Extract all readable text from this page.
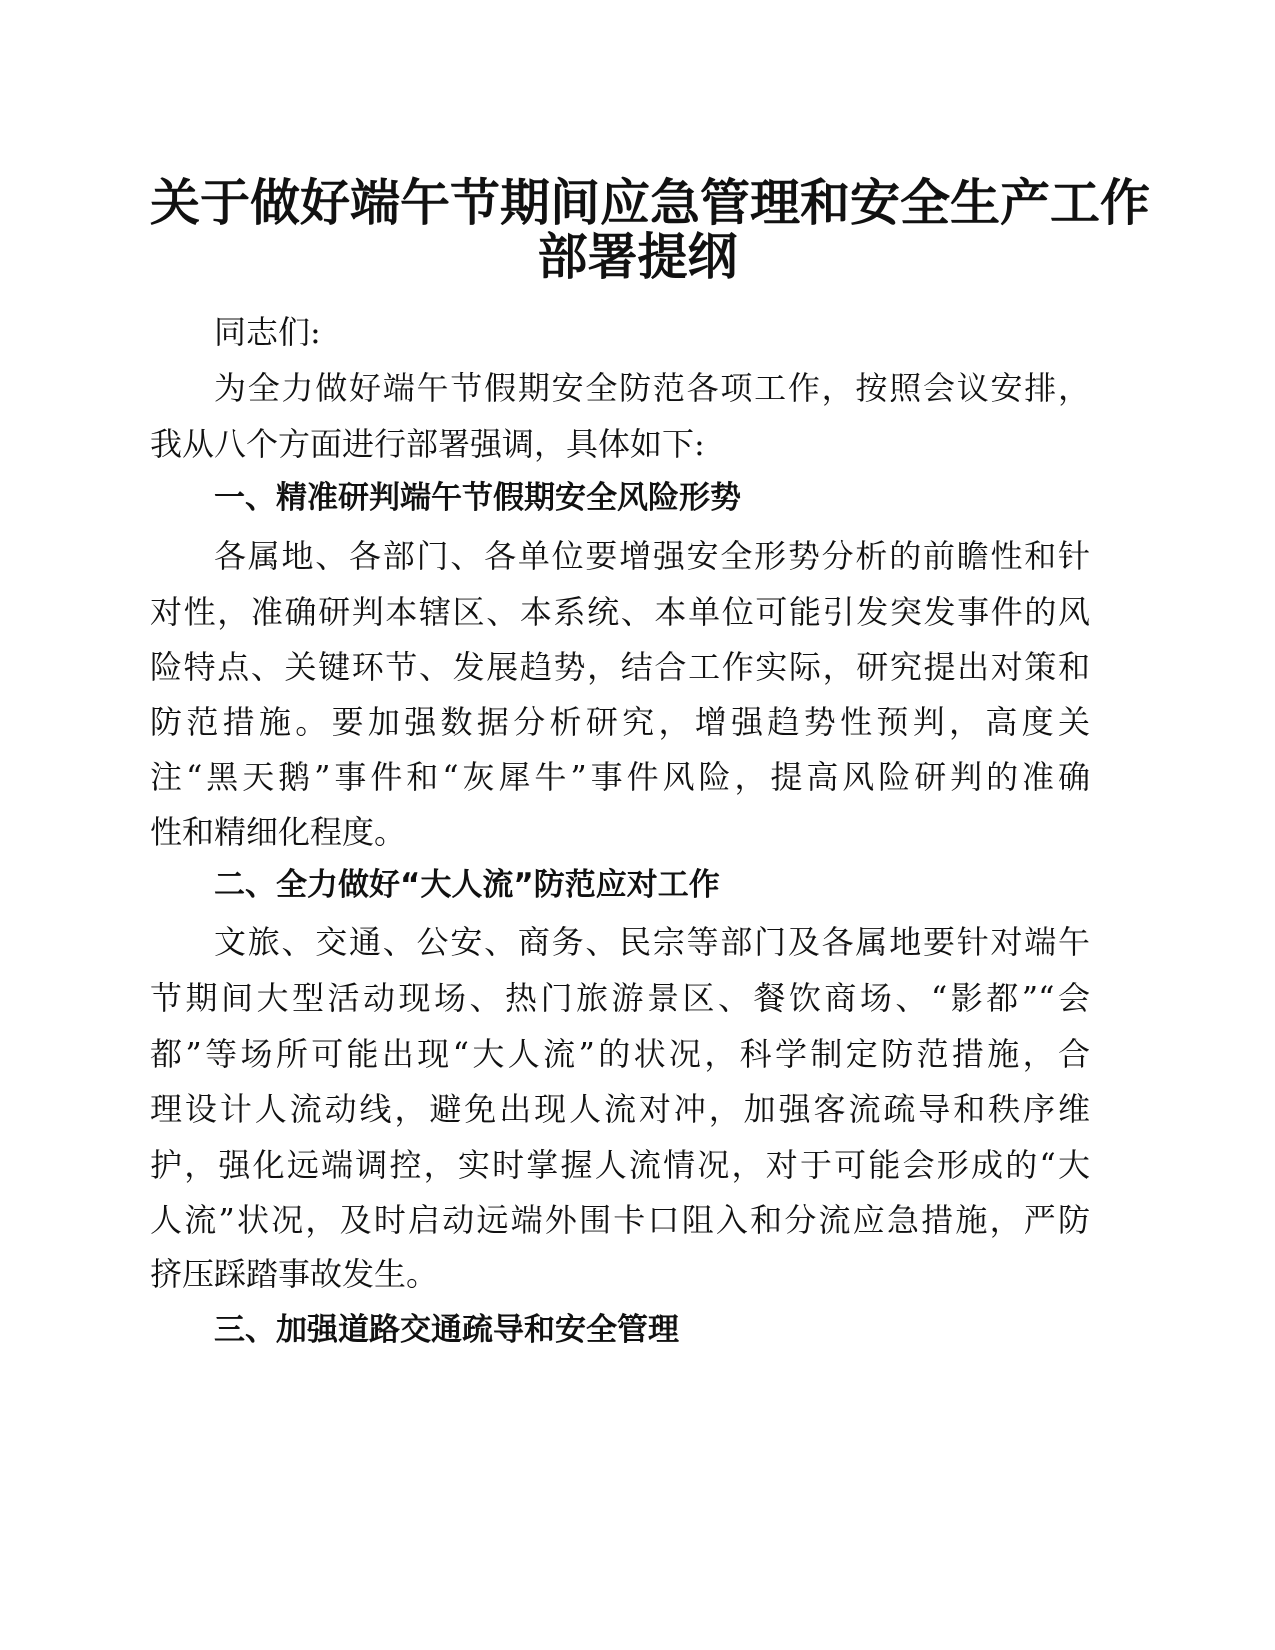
关于做好端午节期间应急管理和安全生产工作
部署提纲

同志们:

为全力做好端午节假期安全防范各项工作，按照会议安排，

我从八个方面进行部署强调，具体如下:

一、精准研判端午节假期安全风险形势

各属地、各部门、各单位要增强安全形势分析的前瞻性和针

对性，准确研判本辖区、本系统、本单位可能引发突发事件的风

险特点、关键环节、发展趋势，结合工作实际，研究提出对策和

防范措施。要加强数据分析研究，增强趋势性预判，高度关

注“黑天鹅”事件和“灰犀牛”事件风险，提高风险研判的准确

性和精细化程度。

二、全力做好“大人流”防范应对工作

文旅、交通、公安、商务、民宗等部门及各属地要针对端午

节期间大型活动现场、热门旅游景区、餐饮商场、“影都”“会

都”等场所可能出现“大人流”的状况，科学制定防范措施，合

理设计人流动线，避免出现人流对冲，加强客流疏导和秩序维

护，强化远端调控，实时掌握人流情况，对于可能会形成的“大

人流”状况，及时启动远端外围卡口阻入和分流应急措施，严防

挤压踩踏事故发生。

三、加强道路交通疏导和安全管理
